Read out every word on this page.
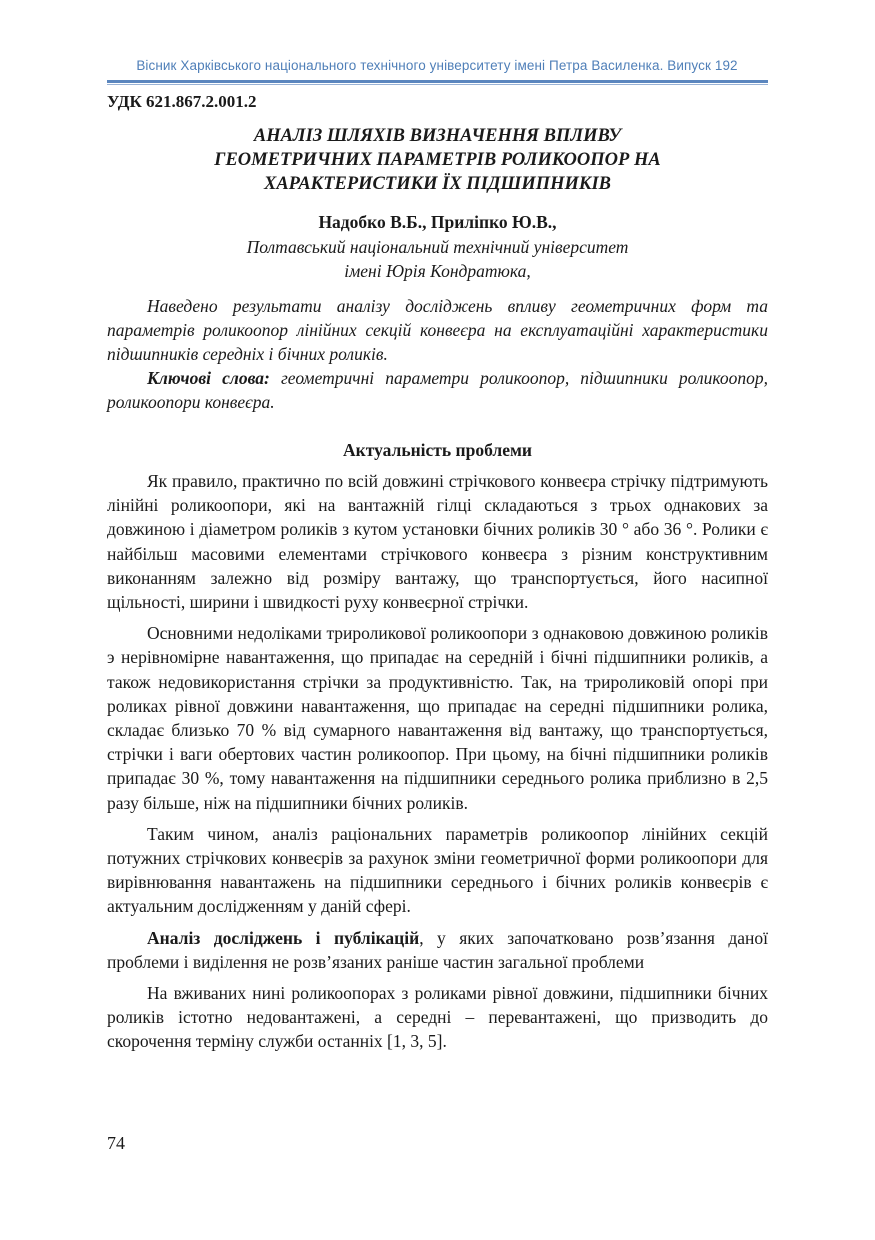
Вісник Харківського національного технічного університету імені Петра Василенка. Випуск 192
УДК 621.867.2.001.2
АНАЛІЗ ШЛЯХІВ ВИЗНАЧЕННЯ ВПЛИВУ
ГЕОМЕТРИЧНИХ ПАРАМЕТРІВ РОЛИКООПОР НА
ХАРАКТЕРИСТИКИ ЇХ ПІДШИПНИКІВ
Надобко В.Б., Приліпко Ю.В.,
Полтавський національний технічний університет
імені Юрія Кондратюка,

Наведено результати аналізу досліджень впливу геометричних форм та параметрів роликоопор лінійних секцій конвеєра на експлуатаційні характеристики підшипників середніх і бічних роликів.

Ключові слова: геометричні параметри роликоопор, підшипники роликоопор, роликоопори конвеєра.

Актуальність проблеми

Як правило, практично по всій довжині стрічкового конвеєра стрічку підтримують лінійні роликоопори, які на вантажній гілці складаються з трьох однакових за довжиною і діаметром роликів з кутом установки бічних роликів 30 ° або 36 °. Ролики є найбільш масовими елементами стрічкового конвеєра з різним конструктивним виконанням залежно від розміру вантажу, що транспортується, його насипної щільності, ширини і швидкості руху конвеєрної стрічки.

Основними недоліками трироликової роликоопори з однаковою довжиною роликів э нерівномірне навантаження, що припадає на середній і бічні підшипники роликів, а також недовикористання стрічки за продуктивністю. Так, на трироликовій опорі при роликах рівної довжини навантаження, що припадає на середні підшипники ролика, складає близько 70 % від сумарного навантаження від вантажу, що транспортується, стрічки і ваги обертових частин роликоопор. При цьому, на бічні підшипники роликів припадає 30 %, тому навантаження на підшипники середнього ролика приблизно в 2,5 разу більше, ніж на підшипники бічних роликів.

Таким чином, аналіз раціональних параметрів роликоопор лінійних секцій потужних стрічкових конвеєрів за рахунок зміни геометричної форми роликоопори для вирівнювання навантажень на підшипники середнього і бічних роликів конвеєрів є актуальним дослідженням у даній сфері.

Аналіз досліджень і публікацій, у яких започатковано розв’язання даної проблеми і виділення не розв’язаних раніше частин загальної проблеми

На вживаних нині роликоопорах з роликами рівної довжини, підшипники бічних роликів істотно недовантажені, а середні – перевантажені, що призводить до скорочення терміну служби останніх [1, 3, 5].

74
